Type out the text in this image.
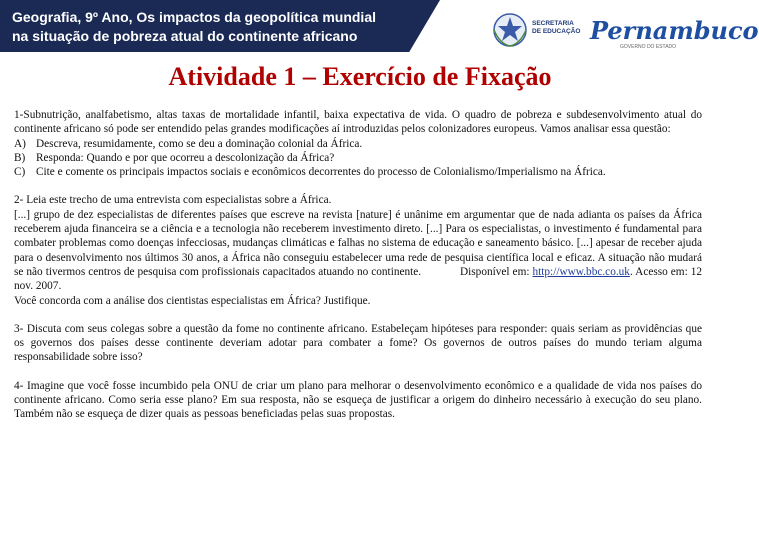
Geografia, 9º Ano, Os impactos da geopolítica mundial
na situação de pobreza atual do continente africano
SECRETARIA
DE EDUCAÇÃO Pernambuco
GOVERNO DO ESTADO
Atividade 1 – Exercício de Fixação

1-Subnutrição, analfabetismo, altas taxas de mortalidade infantil, baixa expectativa de vida. O quadro de pobreza e subdesenvolvimento atual do continente africano só pode ser entendido pelas grandes modificações aí introduzidas pelos colonizadores europeus. Vamos analisar essa questão:

A) Descreva, resumidamente, como se deu a dominação colonial da África.
B) Responda: Quando e por que ocorreu a descolonização da África?
C) Cite e comente os principais impactos sociais e econômicos decorrentes do processo de Colonialismo/Imperialismo na África.

2- Leia este trecho de uma entrevista com especialistas sobre a África.

[...] grupo de dez especialistas de diferentes países que escreve na revista [nature] é unânime em argumentar que de nada adianta os países da África receberem ajuda financeira se a ciência e a tecnologia não receberem investimento direto. [...] Para os especialistas, o investimento é fundamental para combater problemas como doenças infecciosas, mudanças climáticas e falhas no sistema de educação e saneamento básico. [...] apesar de receber ajuda para o desenvolvimento nos últimos 30 anos, a África não conseguiu estabelecer uma rede de pesquisa científica local e eficaz. A situação não mudará se não tivermos centros de pesquisa com profissionais capacitados atuando no continente.	Disponível em: http://www.bbc.co.uk. Acesso em: 12 nov. 2007.

Você concorda com a análise dos cientistas especialistas em África? Justifique.

3- Discuta com seus colegas sobre a questão da fome no continente africano. Estabeleçam hipóteses para responder: quais seriam as providências que os governos dos países desse continente deveriam adotar para combater a fome? Os governos de outros países do mundo teriam alguma responsabilidade sobre isso?

4- Imagine que você fosse incumbido pela ONU de criar um plano para melhorar o desenvolvimento econômico e a qualidade de vida nos países do continente africano. Como seria esse plano? Em sua resposta, não se esqueça de justificar a origem do dinheiro necessário à execução do seu plano. Também não se esqueça de dizer quais as pessoas beneficiadas pelas suas propostas.
